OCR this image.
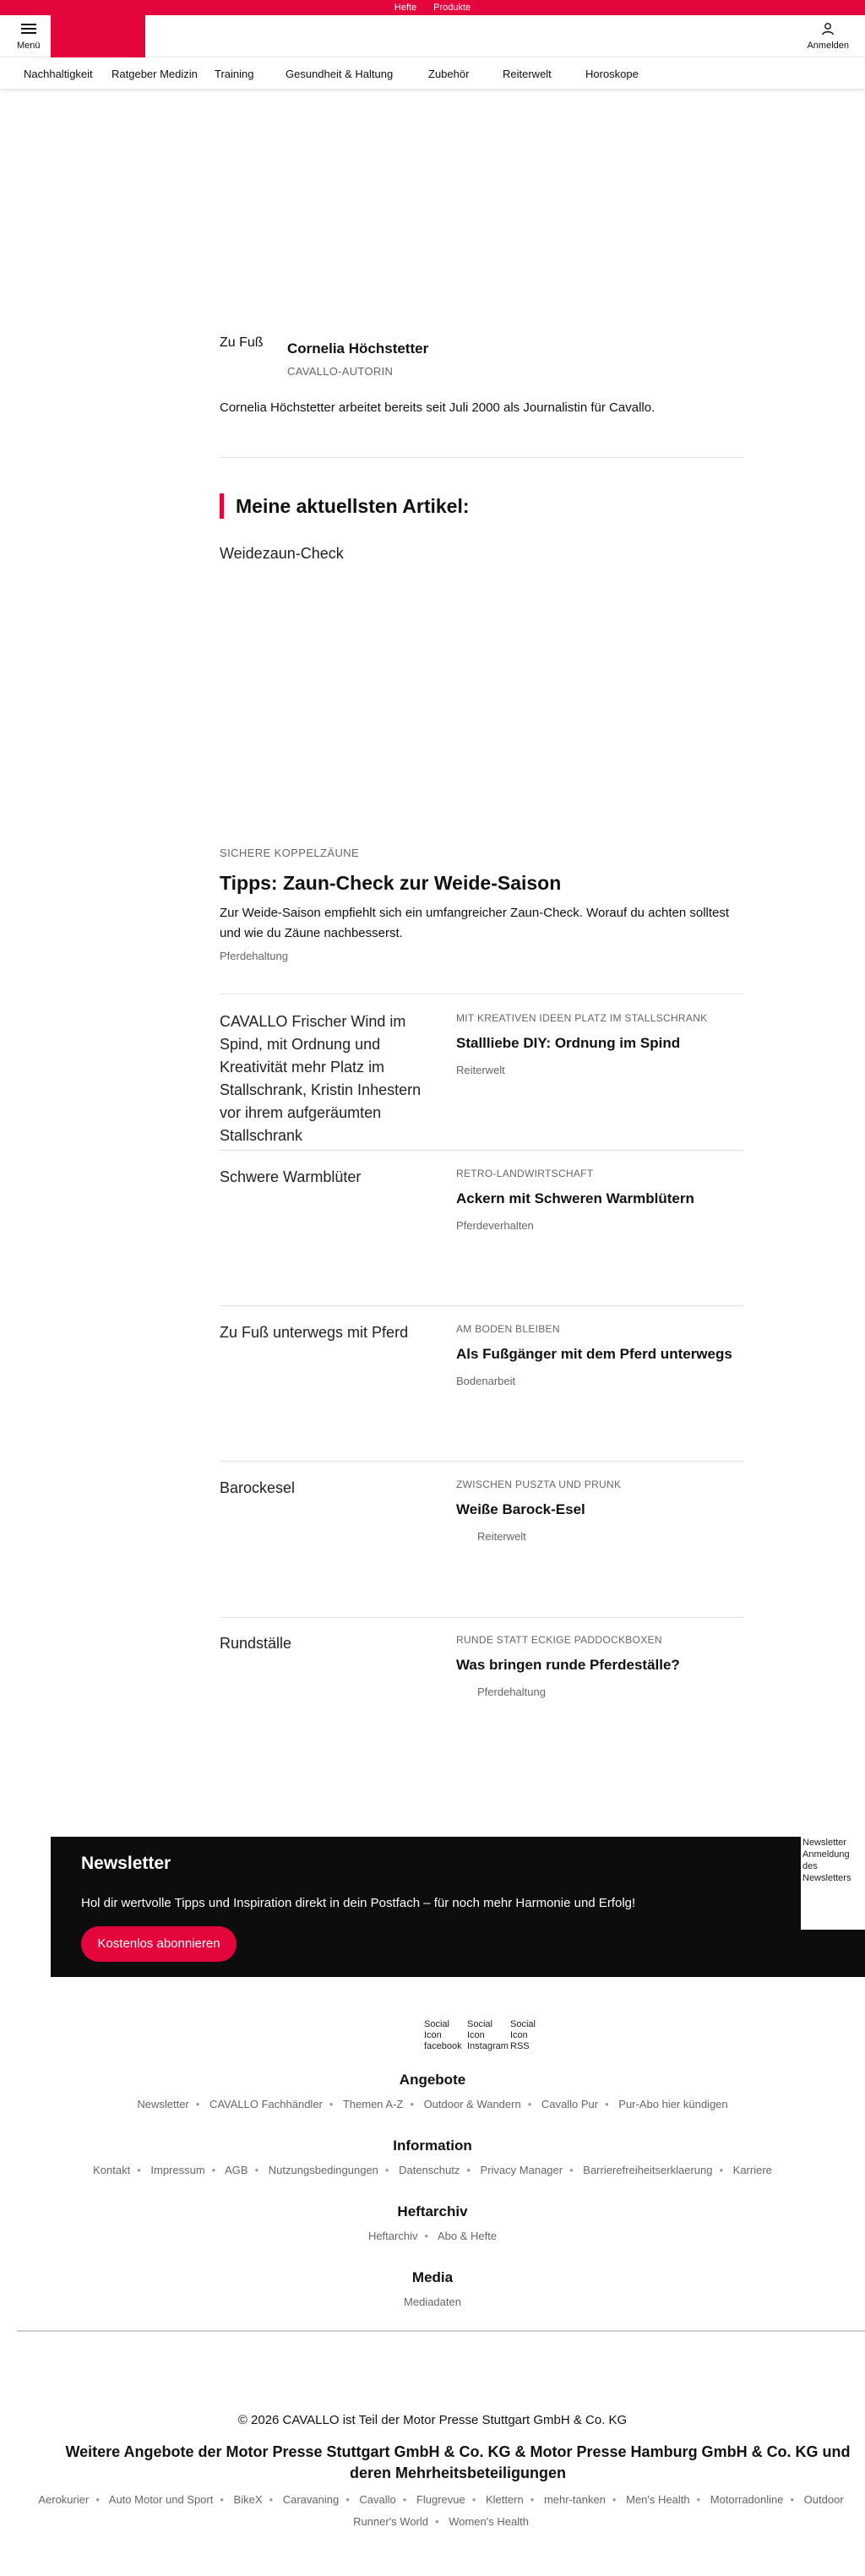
Hefte Produkte
Menü	Anmelden
Nachhaltigkeit Ratgeber Medizin Training	Gesundheit & Haltung	Zubehör	Reiterwelt	Horoskope
Zu Fuß	Cornelia Höchstetter
CAVALLO-AUTORIN
Cornelia Höchstetter arbeitet bereits seit Juli 2000 als Journalistin für Cavallo.
Meine aktuellsten Artikel:
Weidezaun-Check
SICHERE KOPPELZÄUNE
Tipps: Zaun-Check zur Weide-Saison
Zur Weide-Saison empfiehlt sich ein umfangreicher Zaun-Check. Worauf du achten solltest und wie du Zäune nachbesserst.
Pferdehaltung
CAVALLO Frischer Wind im Spind, mit Ordnung und Kreativität mehr Platz im Stallschrank, Kristin Inhestern vor ihrem aufgeräumten Stallschrank
MIT KREATIVEN IDEEN PLATZ IM STALLSCHRANK
Stallliebe DIY: Ordnung im Spind
Reiterwelt
Schwere Warmblüter	RETRO-LANDWIRTSCHAFT
Ackern mit Schweren Warmblütern
Pferdeverhalten
Zu Fuß unterwegs mit Pferd	AM BODEN BLEIBEN
Als Fußgänger mit dem Pferd unterwegs
Bodenarbeit
Barockesel	ZWISCHEN PUSZTA UND PRUNK
Weiße Barock-Esel
Reiterwelt
Rundställe	RUNDE STATT ECKIGE PADDOCKBOXEN
Was bringen runde Pferdeställe?
Pferdehaltung
Newsletter
Hol dir wertvolle Tipps und Inspiration direkt in dein Postfach – für noch mehr Harmonie und Erfolg!
Kostenlos abonnieren
Newsletter Anmeldung des Newsletters
Social Icon facebook
Social Icon Instagram
Social Icon RSS
Angebote
Newsletter • CAVALLO Fachhändler • Themen A-Z • Outdoor & Wandern • Cavallo Pur • Pur-Abo hier kündigen
Information
Kontakt • Impressum • AGB • Nutzungsbedingungen • Datenschutz • Privacy Manager • Barrierefreiheitserklaerung • Karriere
Heftarchiv
Heftarchiv • Abo & Hefte
Media
Mediadaten
© 2026 CAVALLO ist Teil der Motor Presse Stuttgart GmbH & Co. KG
Weitere Angebote der Motor Presse Stuttgart GmbH & Co. KG & Motor Presse Hamburg GmbH & Co. KG und deren Mehrheitsbeteiligungen
Aerokurier • Auto Motor und Sport • BikeX • Caravaning • Cavallo • Flugrevue • Klettern • mehr-tanken • Men's Health • Motorradonline • Outdoor
Runner's World • Women's Health
